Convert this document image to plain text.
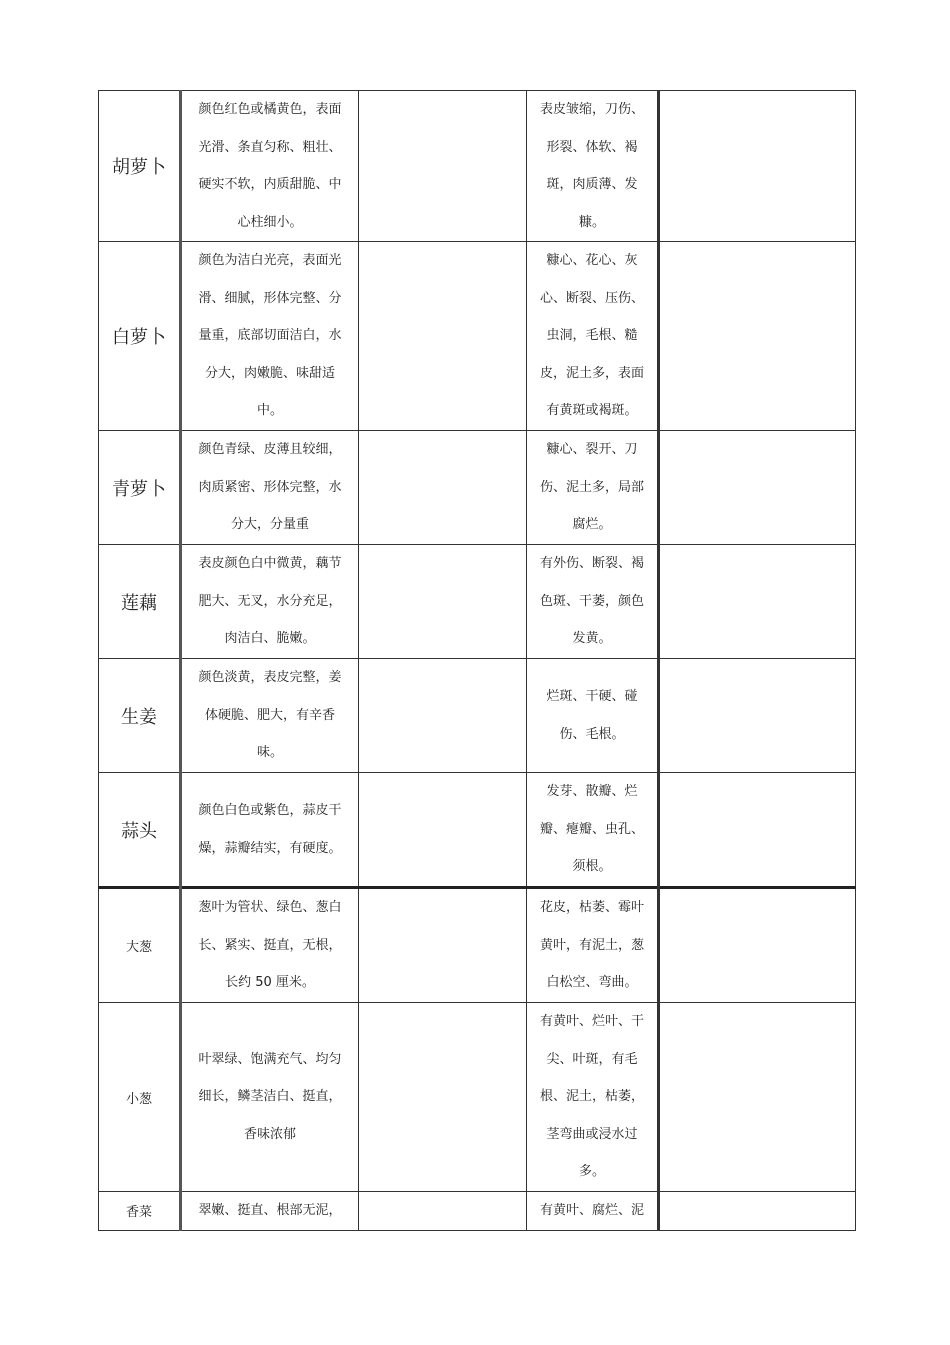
胡萝卜	颜色红色或橘黄色，表面
光滑、条直匀称、粗壮、
硬实不软，内质甜脆、中
心柱细小。		表皮皱缩，刀伤、
形裂、体软、褐
斑，肉质薄、发
糠。	

白萝卜	颜色为洁白光亮，表面光
滑、细腻，形体完整、分
量重，底部切面洁白，水
分大，肉嫩脆、味甜适
中。		糠心、花心、灰
心、断裂、压伤、
虫洞，毛根、糙
皮，泥土多，表面
有黄斑或褐斑。	

青萝卜	颜色青绿、皮薄且较细，
肉质紧密、形体完整，水
分大，分量重		糠心、裂开、刀
伤、泥土多，局部
腐烂。	

莲藕	表皮颜色白中微黄，藕节
肥大、无叉，水分充足，
肉洁白、脆嫩。		有外伤、断裂、褐
色斑、干萎，颜色
发黄。	

生姜	颜色淡黄，表皮完整，姜
体硬脆、肥大，有辛香
味。		烂斑、干硬、碰
伤、毛根。	

蒜头	颜色白色或紫色，蒜皮干
燥，蒜瓣结实，有硬度。		发芽、散瓣、烂
瓣、瘪瓣、虫孔、
须根。	

大葱	葱叶为管状、绿色、葱白
长、紧实、挺直，无根，
长约 50 厘米。		花皮，枯萎、霉叶
黄叶，有泥土，葱
白松空、弯曲。	

小葱	叶翠绿、饱满充气、均匀
细长，鳞茎洁白、挺直，
香味浓郁		有黄叶、烂叶、干
尖、叶斑，有毛
根、泥土，枯萎，
茎弯曲或浸水过
多。	

香菜	翠嫩、挺直、根部无泥，		有黄叶、腐烂、泥	
